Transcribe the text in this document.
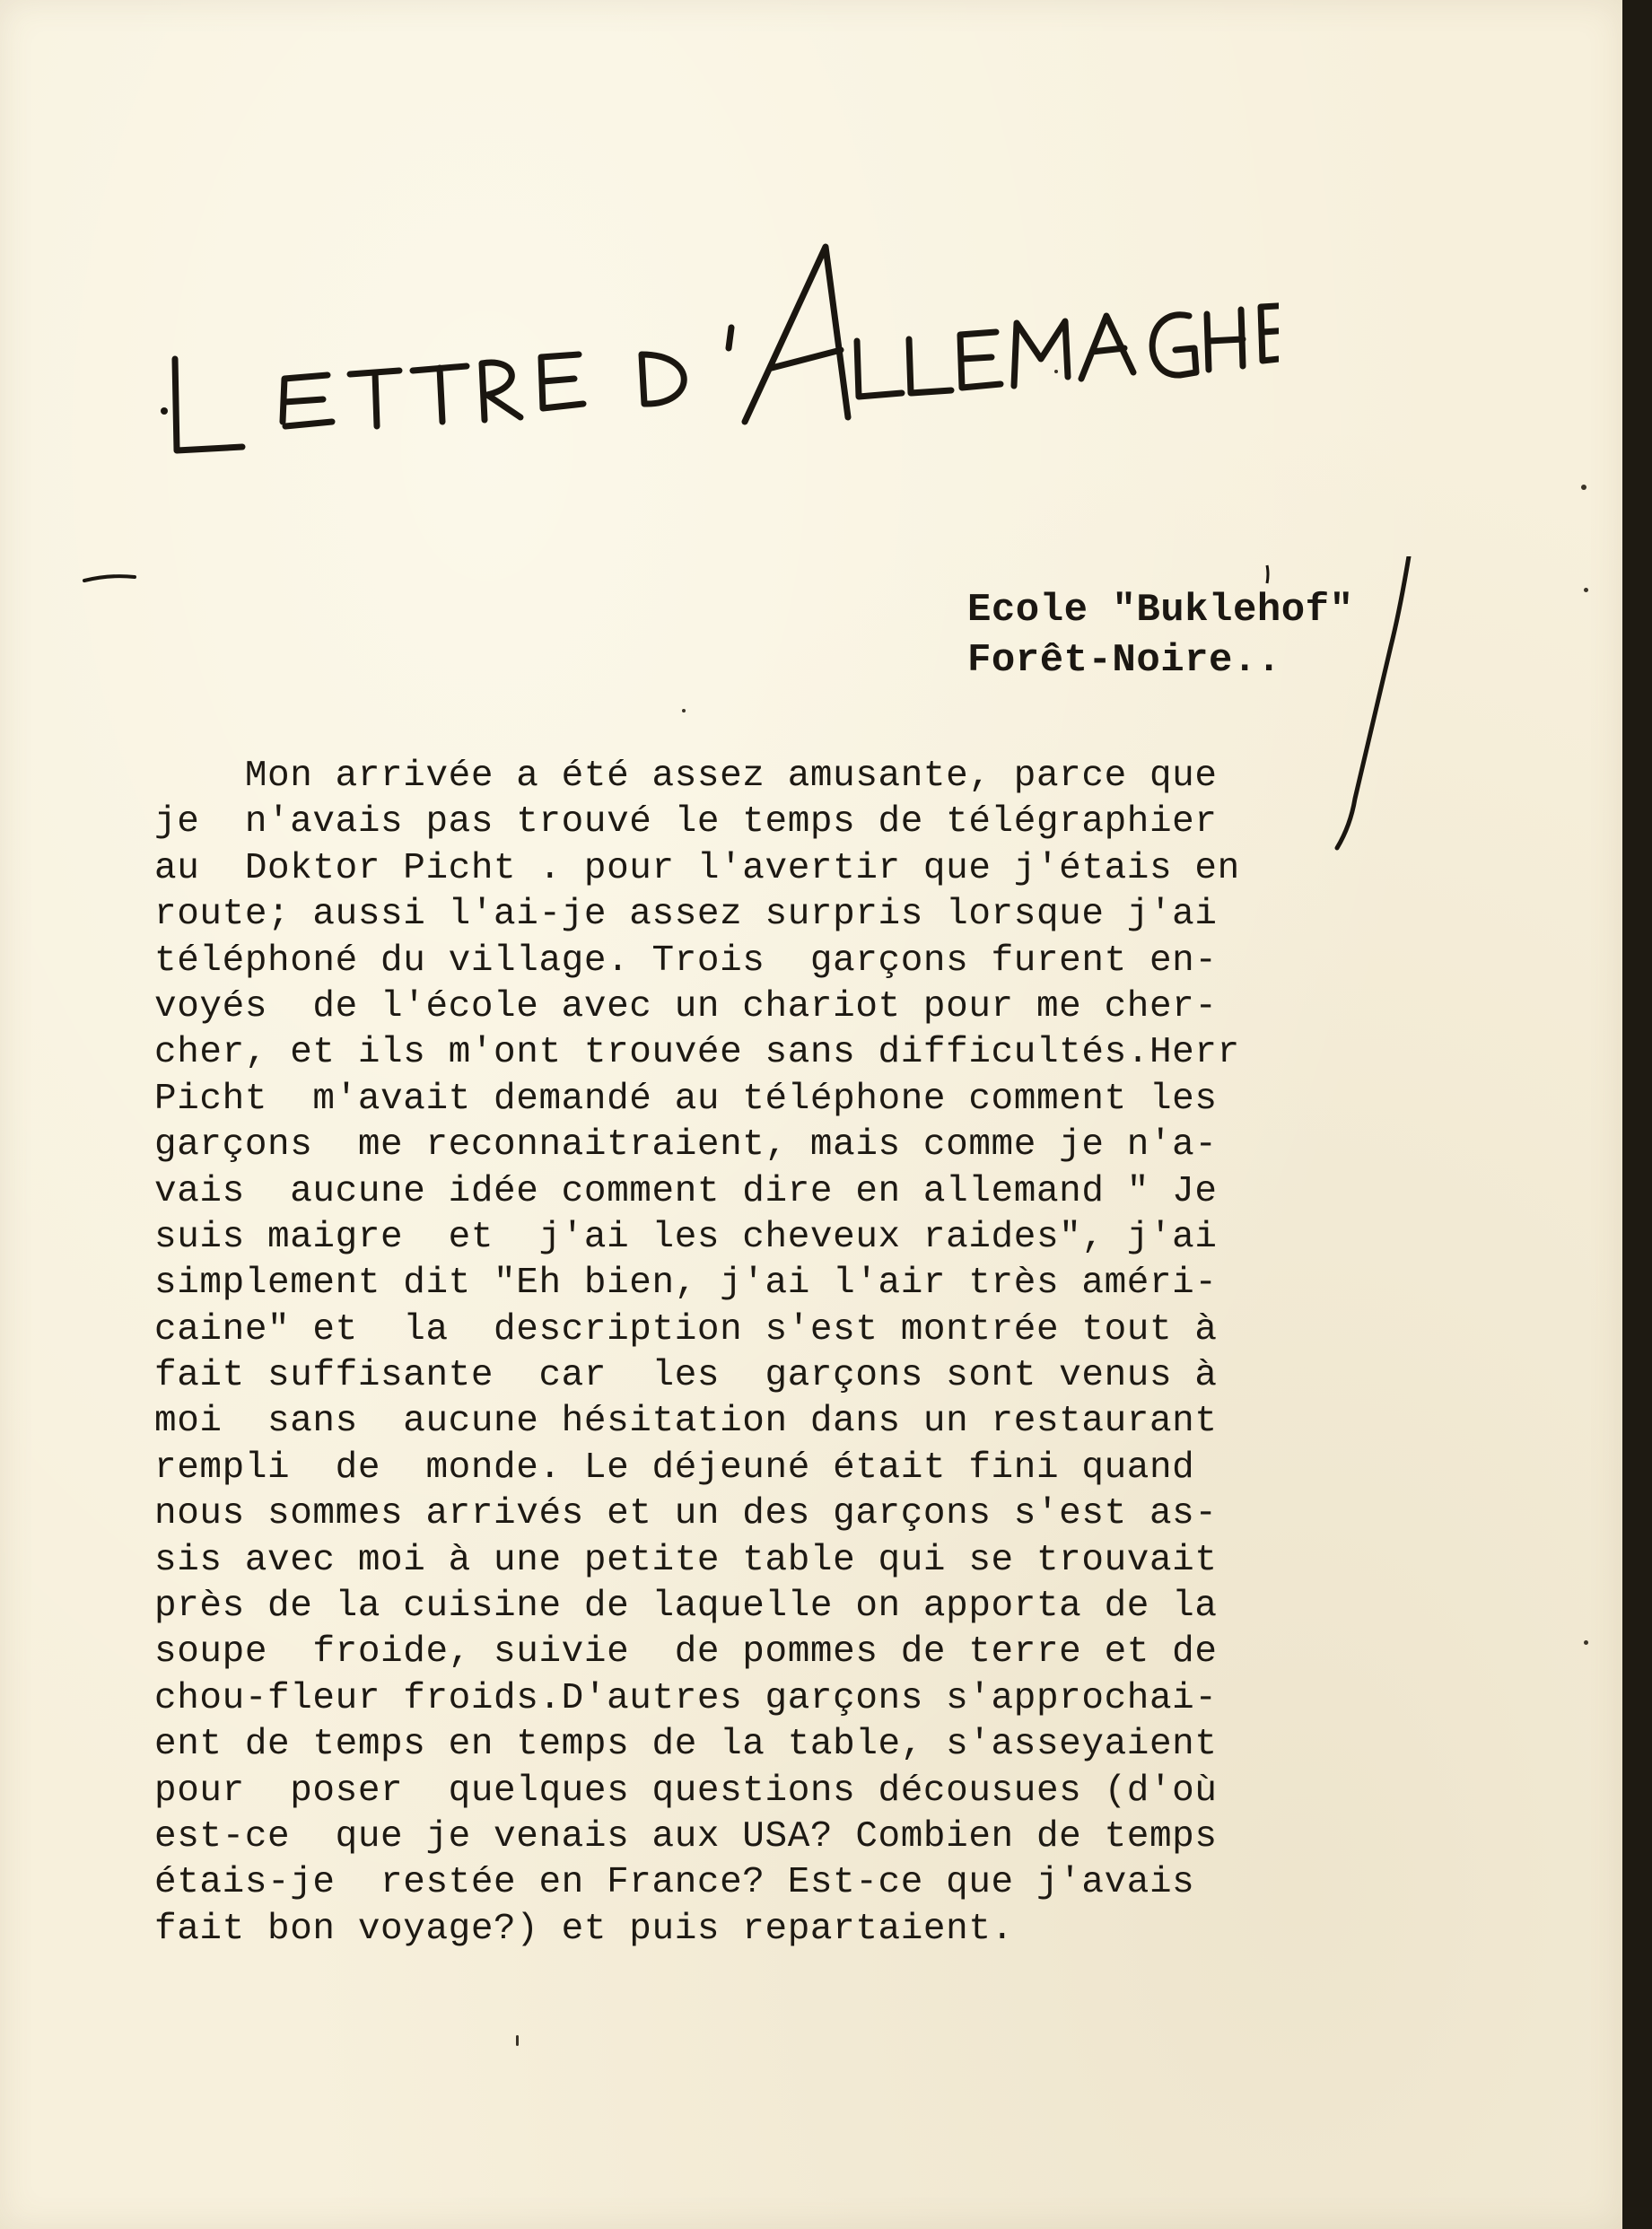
Ecole "Buklehof"
Forêt-Noire..
Mon arrivée a été assez amusante, parce que
je  n'avais pas trouvé le temps de télégraphier
au  Doktor Picht . pour l'avertir que j'étais en
route; aussi l'ai-je assez surpris lorsque j'ai
téléphoné du village. Trois  garçons furent en-
voyés  de l'école avec un chariot pour me cher-
cher, et ils m'ont trouvée sans difficultés.Herr
Picht  m'avait demandé au téléphone comment les
garçons  me reconnaitraient, mais comme je n'a-
vais  aucune idée comment dire en allemand " Je
suis maigre  et  j'ai les cheveux raides", j'ai
simplement dit "Eh bien, j'ai l'air très améri-
caine" et  la  description s'est montrée tout à
fait suffisante  car  les  garçons sont venus à
moi  sans  aucune hésitation dans un restaurant
rempli  de  monde. Le déjeuné était fini quand
nous sommes arrivés et un des garçons s'est as-
sis avec moi à une petite table qui se trouvait
près de la cuisine de laquelle on apporta de la
soupe  froide, suivie  de pommes de terre et de
chou-fleur froids.D'autres garçons s'approchai-
ent de temps en temps de la table, s'asseyaient
pour  poser  quelques questions décousues (d'où
est-ce  que je venais aux USA? Combien de temps
étais-je  restée en France? Est-ce que j'avais
fait bon voyage?) et puis repartaient.
